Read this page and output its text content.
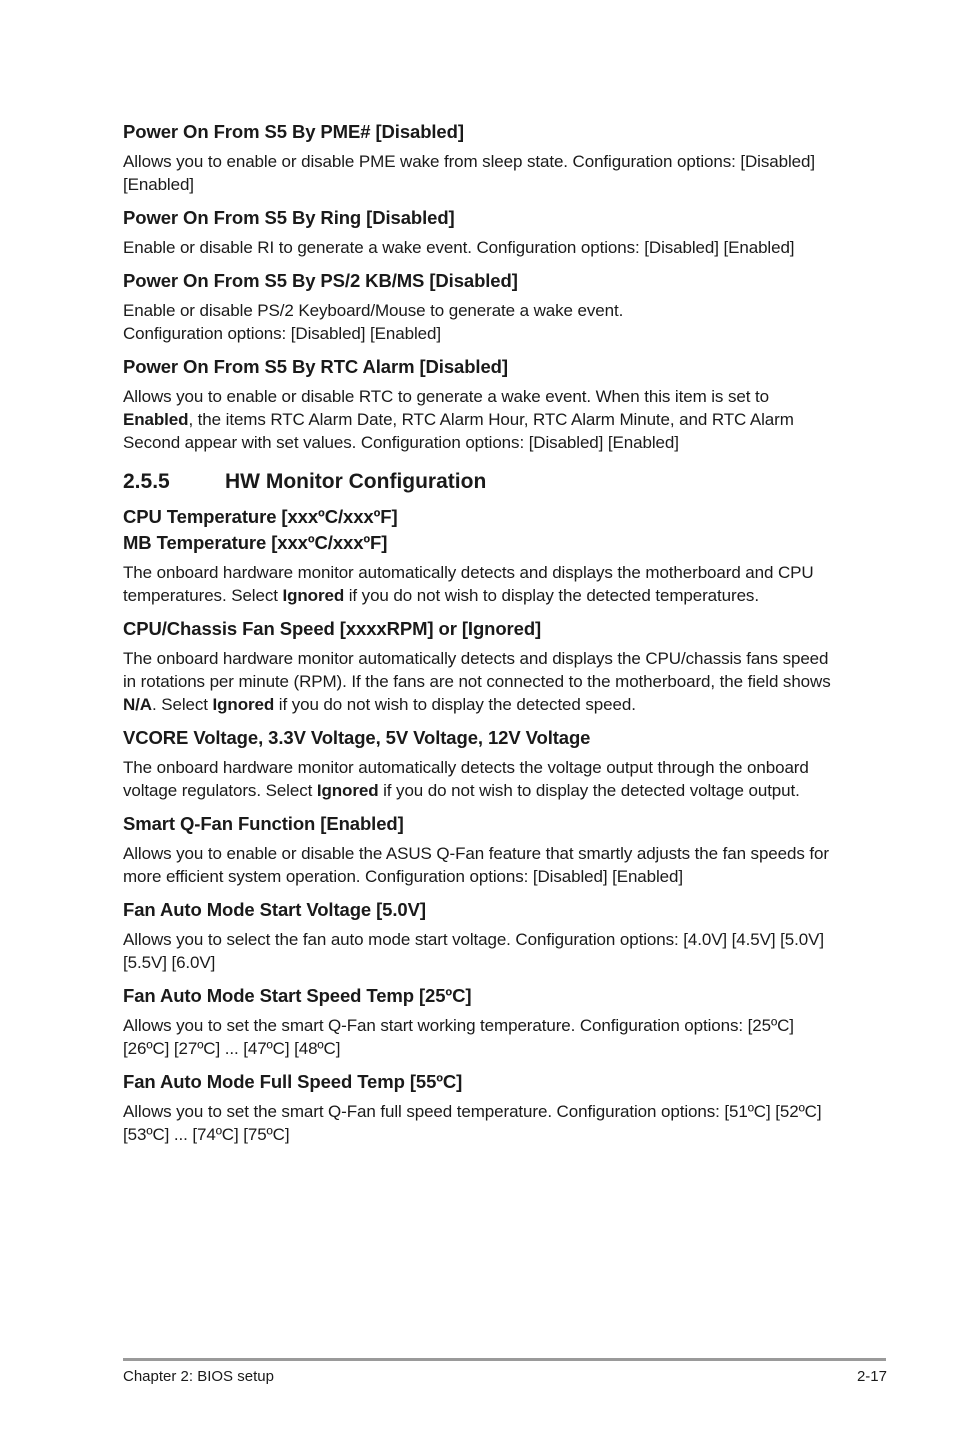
Power On From S5 By PME# [Disabled]
Allows you to enable or disable PME wake from sleep state. Configuration options: [Disabled] [Enabled]
Power On From S5 By Ring [Disabled]
Enable or disable RI to generate a wake event. Configuration options: [Disabled] [Enabled]
Power On From S5 By PS/2 KB/MS [Disabled]
Enable or disable PS/2 Keyboard/Mouse to generate a wake event.
Configuration options: [Disabled] [Enabled]
Power On From S5 By RTC Alarm [Disabled]
Allows you to enable or disable RTC to generate a wake event. When this item is set to Enabled, the items RTC Alarm Date, RTC Alarm Hour, RTC Alarm Minute, and RTC Alarm Second appear with set values. Configuration options: [Disabled] [Enabled]
2.5.5	HW Monitor Configuration
CPU Temperature [xxxºC/xxxºF]
MB Temperature [xxxºC/xxxºF]
The onboard hardware monitor automatically detects and displays the motherboard and CPU temperatures. Select Ignored if you do not wish to display the detected temperatures.
CPU/Chassis Fan Speed [xxxxRPM] or [Ignored]
The onboard hardware monitor automatically detects and displays the CPU/chassis fans speed in rotations per minute (RPM). If the fans are not connected to the motherboard, the field shows N/A. Select Ignored if you do not wish to display the detected speed.
VCORE Voltage, 3.3V Voltage, 5V Voltage, 12V Voltage
The onboard hardware monitor automatically detects the voltage output through the onboard voltage regulators. Select Ignored if you do not wish to display the detected voltage output.
Smart Q-Fan Function [Enabled]
Allows you to enable or disable the ASUS Q-Fan feature that smartly adjusts the fan speeds for more efficient system operation. Configuration options: [Disabled] [Enabled]
Fan Auto Mode Start Voltage [5.0V]
Allows you to select the fan auto mode start voltage. Configuration options: [4.0V] [4.5V] [5.0V] [5.5V] [6.0V]
Fan Auto Mode Start Speed Temp [25ºC]
Allows you to set the smart Q-Fan start working temperature. Configuration options: [25ºC] [26ºC] [27ºC] ... [47ºC] [48ºC]
Fan Auto Mode Full Speed Temp [55ºC]
Allows you to set the smart Q-Fan full speed temperature. Configuration options: [51ºC] [52ºC] [53ºC] ... [74ºC] [75ºC]
Chapter 2: BIOS setup	2-17
